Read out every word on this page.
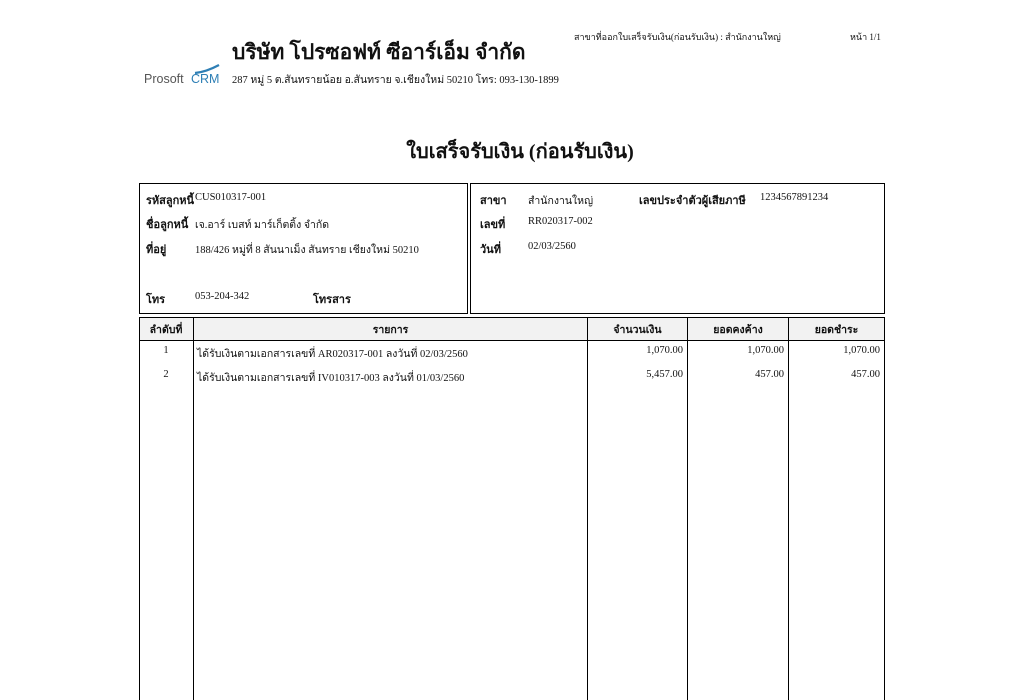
Prosoft CRM
บริษัท โปรซอฟท์ ซีอาร์เอ็ม จำกัด
287 หมู่ 5 ต.สันทรายน้อย อ.สันทราย จ.เชียงใหม่ 50210 โทร: 093-130-1899
สาขาที่ออกใบเสร็จรับเงิน(ก่อนรับเงิน) : สำนักงานใหญ่	หน้า 1/1
ใบเสร็จรับเงิน (ก่อนรับเงิน)
รหัสลูกหนี้ CUS010317-001
ชื่อลูกหนี้ เจ.อาร์ เบสท์ มาร์เก็ตติ้ง จำกัด
ที่อยู่	188/426 หมู่ที่ 8 สันนาเม็ง สันทราย เชียงใหม่ 50210
โทร	053-204-342	โทรสาร
สาขา สำนักงานใหญ่	เลขประจำตัวผู้เสียภาษี 1234567891234
เลขที่ RR020317-002
วันที่	02/03/2560
ลำดับที่	รายการ	จำนวนเงิน	ยอดคงค้าง	ยอดชำระ
1	ได้รับเงินตามเอกสารเลขที่ AR020317-001 ลงวันที่ 02/03/2560	1,070.00	1,070.00	1,070.00
2	ได้รับเงินตามเอกสารเลขที่ IV010317-003 ลงวันที่ 01/03/2560	5,457.00	457.00	457.00
